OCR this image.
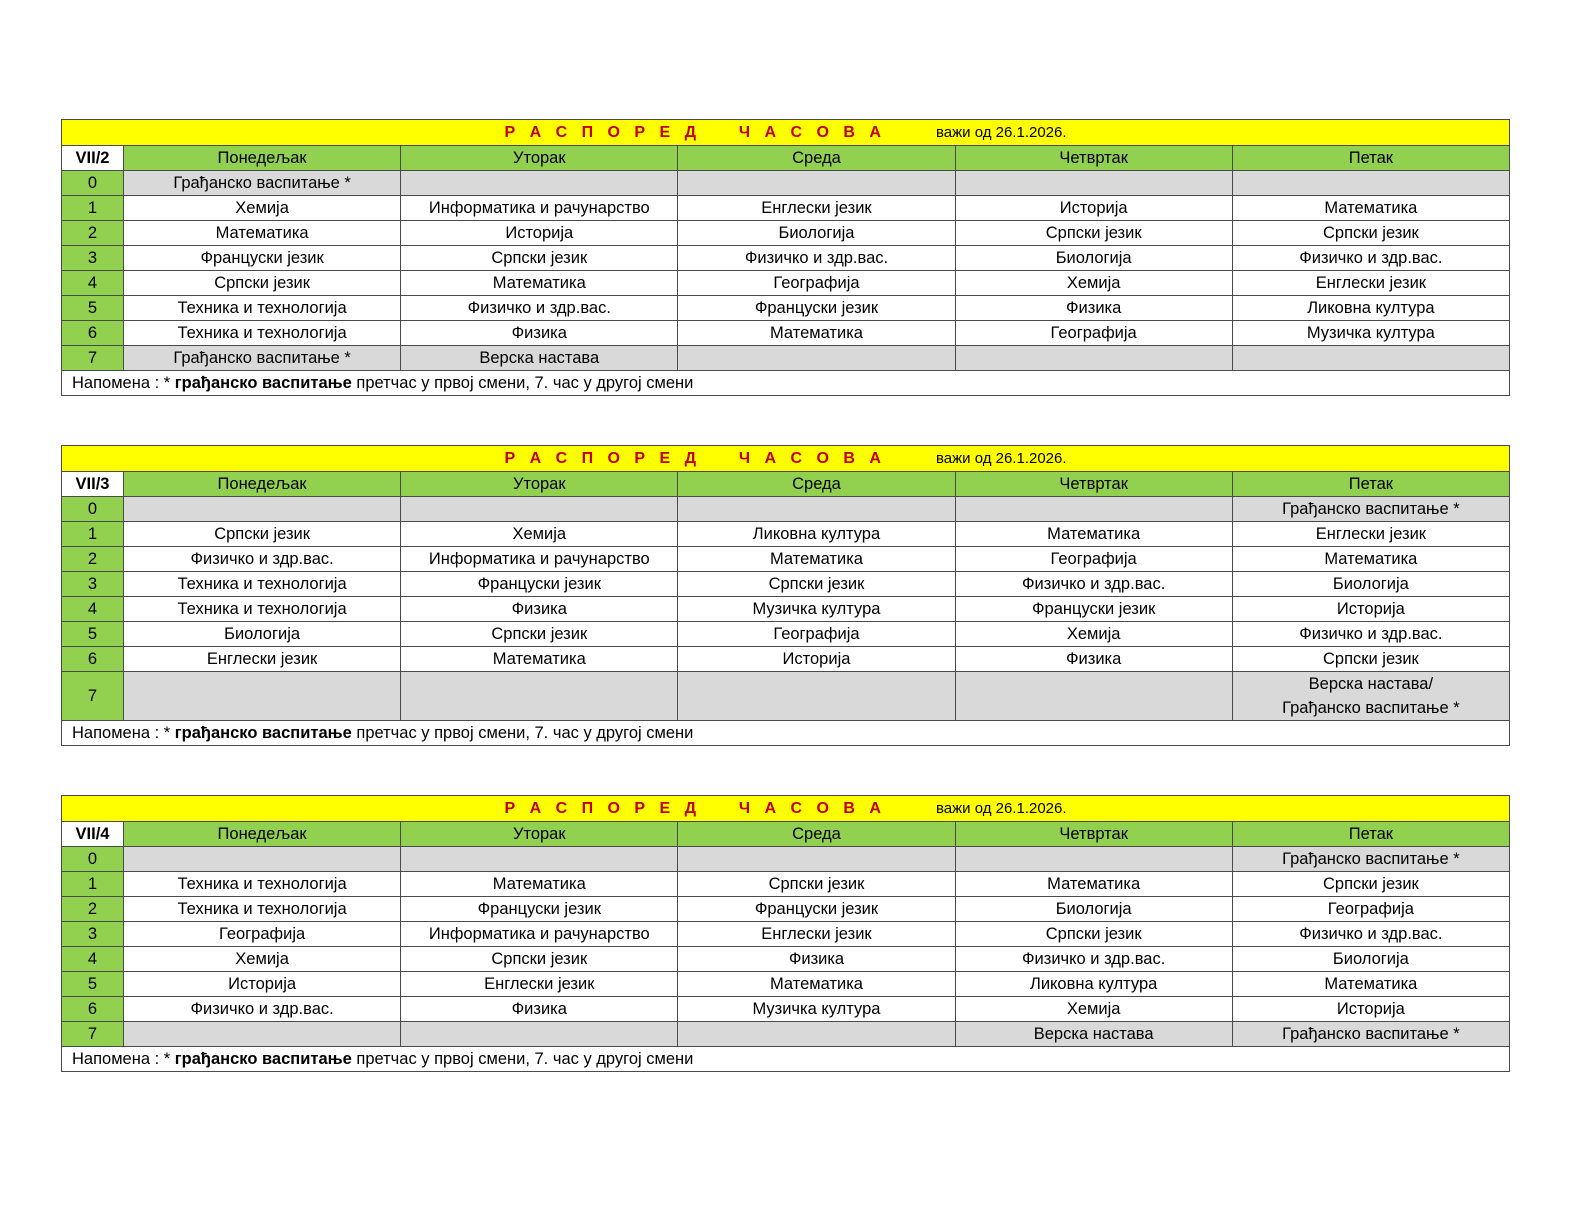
Р А С П О Р Е Д    Ч А С О В А важи од 26.1.2026.					
VII/2	Понедељак	Уторак	Среда	Четвртак	Петак
0	Грађанско васпитање *				
1	Хемија	Информатика и рачунарство	Енглески језик	Историја	Математика
2	Математика	Историја	Биологија	Српски језик	Српски језик
3	Француски језик	Српски језик	Физичко и здр.вас.	Биологија	Физичко и здр.вас.
4	Српски језик	Математика	Географија	Хемија	Енглески језик
5	Техника и технологија	Физичко и здр.вас.	Француски језик	Физика	Ликовна култура
6	Техника и технологија	Физика	Математика	Географија	Музичка култура
7	Грађанско васпитање *	Верска настава			
Напомена : * грађанско васпитање претчас у првој смени, 7. час у другој смени					
Р А С П О Р Е Д    Ч А С О В А важи од 26.1.2026.					
VII/3	Понедељак	Уторак	Среда	Четвртак	Петак
0					Грађанско васпитање *
1	Српски језик	Хемија	Ликовна култура	Математика	Енглески језик
2	Физичко и здр.вас.	Информатика и рачунарство	Математика	Географија	Математика
3	Техника и технологија	Француски језик	Српски језик	Физичко и здр.вас.	Биологија
4	Техника и технологија	Физика	Музичка култура	Француски језик	Историја
5	Биологија	Српски језик	Географија	Хемија	Физичко и здр.вас.
6	Енглески језик	Математика	Историја	Физика	Српски језик
7					Верска настава/
Грађанско васпитање *
Напомена : * грађанско васпитање претчас у првој смени, 7. час у другој смени					
Р А С П О Р Е Д    Ч А С О В А важи од 26.1.2026.					
VII/4	Понедељак	Уторак	Среда	Четвртак	Петак
0					Грађанско васпитање *
1	Техника и технологија	Математика	Српски језик	Математика	Српски језик
2	Техника и технологија	Француски језик	Француски језик	Биологија	Географија
3	Географија	Информатика и рачунарство	Енглески језик	Српски језик	Физичко и здр.вас.
4	Хемија	Српски језик	Физика	Физичко и здр.вас.	Биологија
5	Историја	Енглески језик	Математика	Ликовна култура	Математика
6	Физичко и здр.вас.	Физика	Музичка култура	Хемија	Историја
7				Верска настава	Грађанско васпитање *
Напомена : * грађанско васпитање претчас у првој смени, 7. час у другој смени					
